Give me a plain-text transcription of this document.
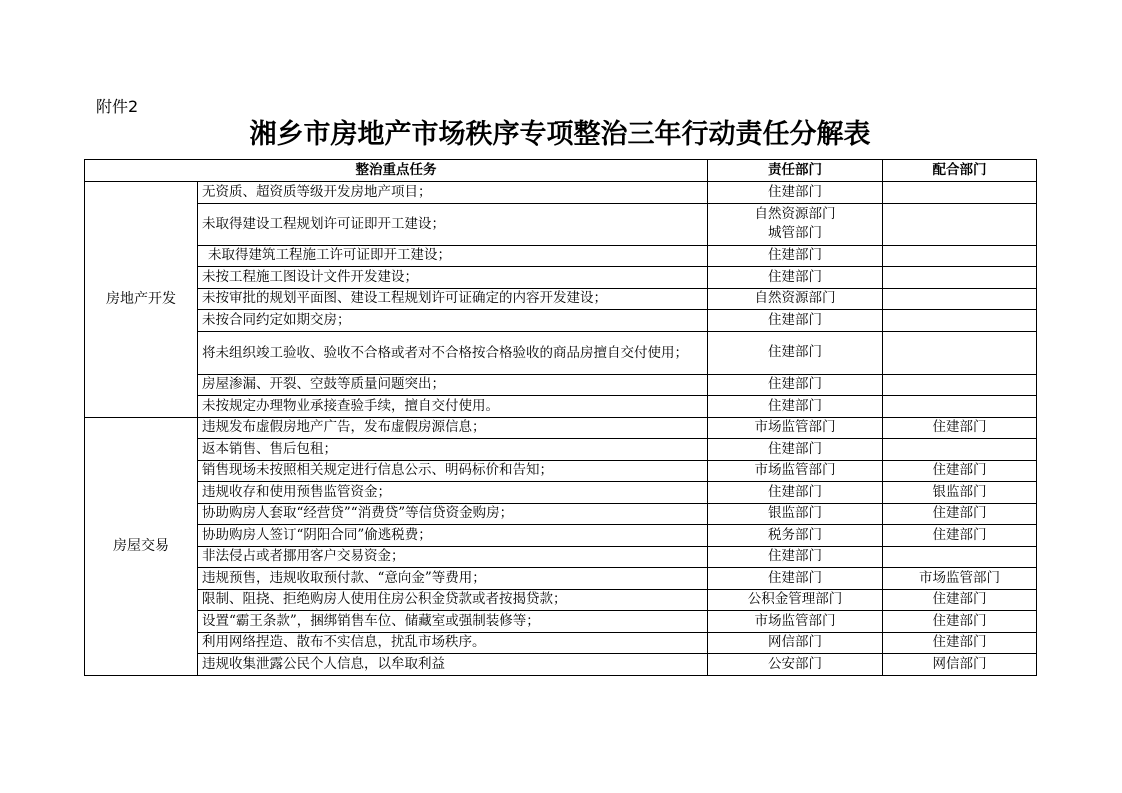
附件2
湘乡市房地产市场秩序专项整治三年行动责任分解表
整治重点任务		责任部门	配合部门
房地产开发	无资质、超资质等级开发房地产项目；	住建部门	
	未取得建设工程规划许可证即开工建设；	自然资源部门
城管部门	
	未取得建筑工程施工许可证即开工建设；	住建部门	
	未按工程施工图设计文件开发建设；	住建部门	
	未按审批的规划平面图、建设工程规划许可证确定的内容开发建设；	自然资源部门	
	未按合同约定如期交房；	住建部门	
	将未组织竣工验收、验收不合格或者对不合格按合格验收的商品房擅自交付使用；	住建部门	
	房屋渗漏、开裂、空鼓等质量问题突出；	住建部门	
	未按规定办理物业承接查验手续，擅自交付使用。	住建部门	
房屋交易	违规发布虚假房地产广告，发布虚假房源信息；	市场监管部门	住建部门
	返本销售、售后包租；	住建部门	
	销售现场未按照相关规定进行信息公示、明码标价和告知；	市场监管部门	住建部门
	违规收存和使用预售监管资金；	住建部门	银监部门
	协助购房人套取“经营贷”“消费贷”等信贷资金购房；	银监部门	住建部门
	协助购房人签订“阴阳合同”偷逃税费；	税务部门	住建部门
	非法侵占或者挪用客户交易资金；	住建部门	
	违规预售，违规收取预付款、“意向金”等费用；	住建部门	市场监管部门
	限制、阻挠、拒绝购房人使用住房公积金贷款或者按揭贷款；	公积金管理部门	住建部门
	设置“霸王条款”，捆绑销售车位、储藏室或强制装修等；	市场监管部门	住建部门
	利用网络捏造、散布不实信息，扰乱市场秩序。	网信部门	住建部门
	违规收集泄露公民个人信息，以牟取利益	公安部门	网信部门
